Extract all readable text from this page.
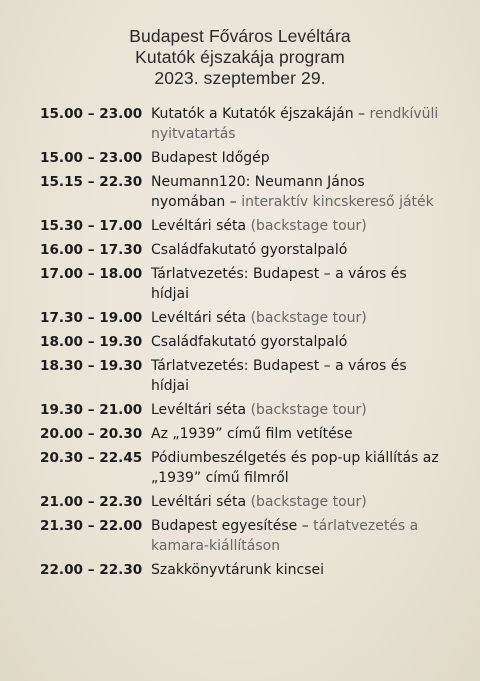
Budapest Főváros Levéltára
Kutatók éjszakája program
2023. szeptember 29.
15.00 – 23.00 Kutatók a Kutatók éjszakáján – rendkívüli nyitvatartás
15.00 – 23.00 Budapest Időgép
15.15 – 22.30 Neumann120: Neumann János nyomában – interaktív kincskereső játék
15.30 – 17.00 Levéltári séta (backstage tour)
16.00 – 17.30 Családfakutató gyorstalpaló
17.00 – 18.00 Tárlatvezetés: Budapest – a város és hídjai
17.30 – 19.00 Levéltári séta (backstage tour)
18.00 – 19.30 Családfakutató gyorstalpaló
18.30 – 19.30 Tárlatvezetés: Budapest – a város és hídjai
19.30 – 21.00 Levéltári séta (backstage tour)
20.00 – 20.30 Az „1939” című film vetítése
20.30 – 22.45 Pódiumbeszélgetés és pop-up kiállítás az „1939” című filmről
21.00 – 22.30 Levéltári séta (backstage tour)
21.30 – 22.00 Budapest egyesítése – tárlatvezetés a kamara-kiállításon
22.00 – 22.30 Szakkönyvtárunk kincsei
